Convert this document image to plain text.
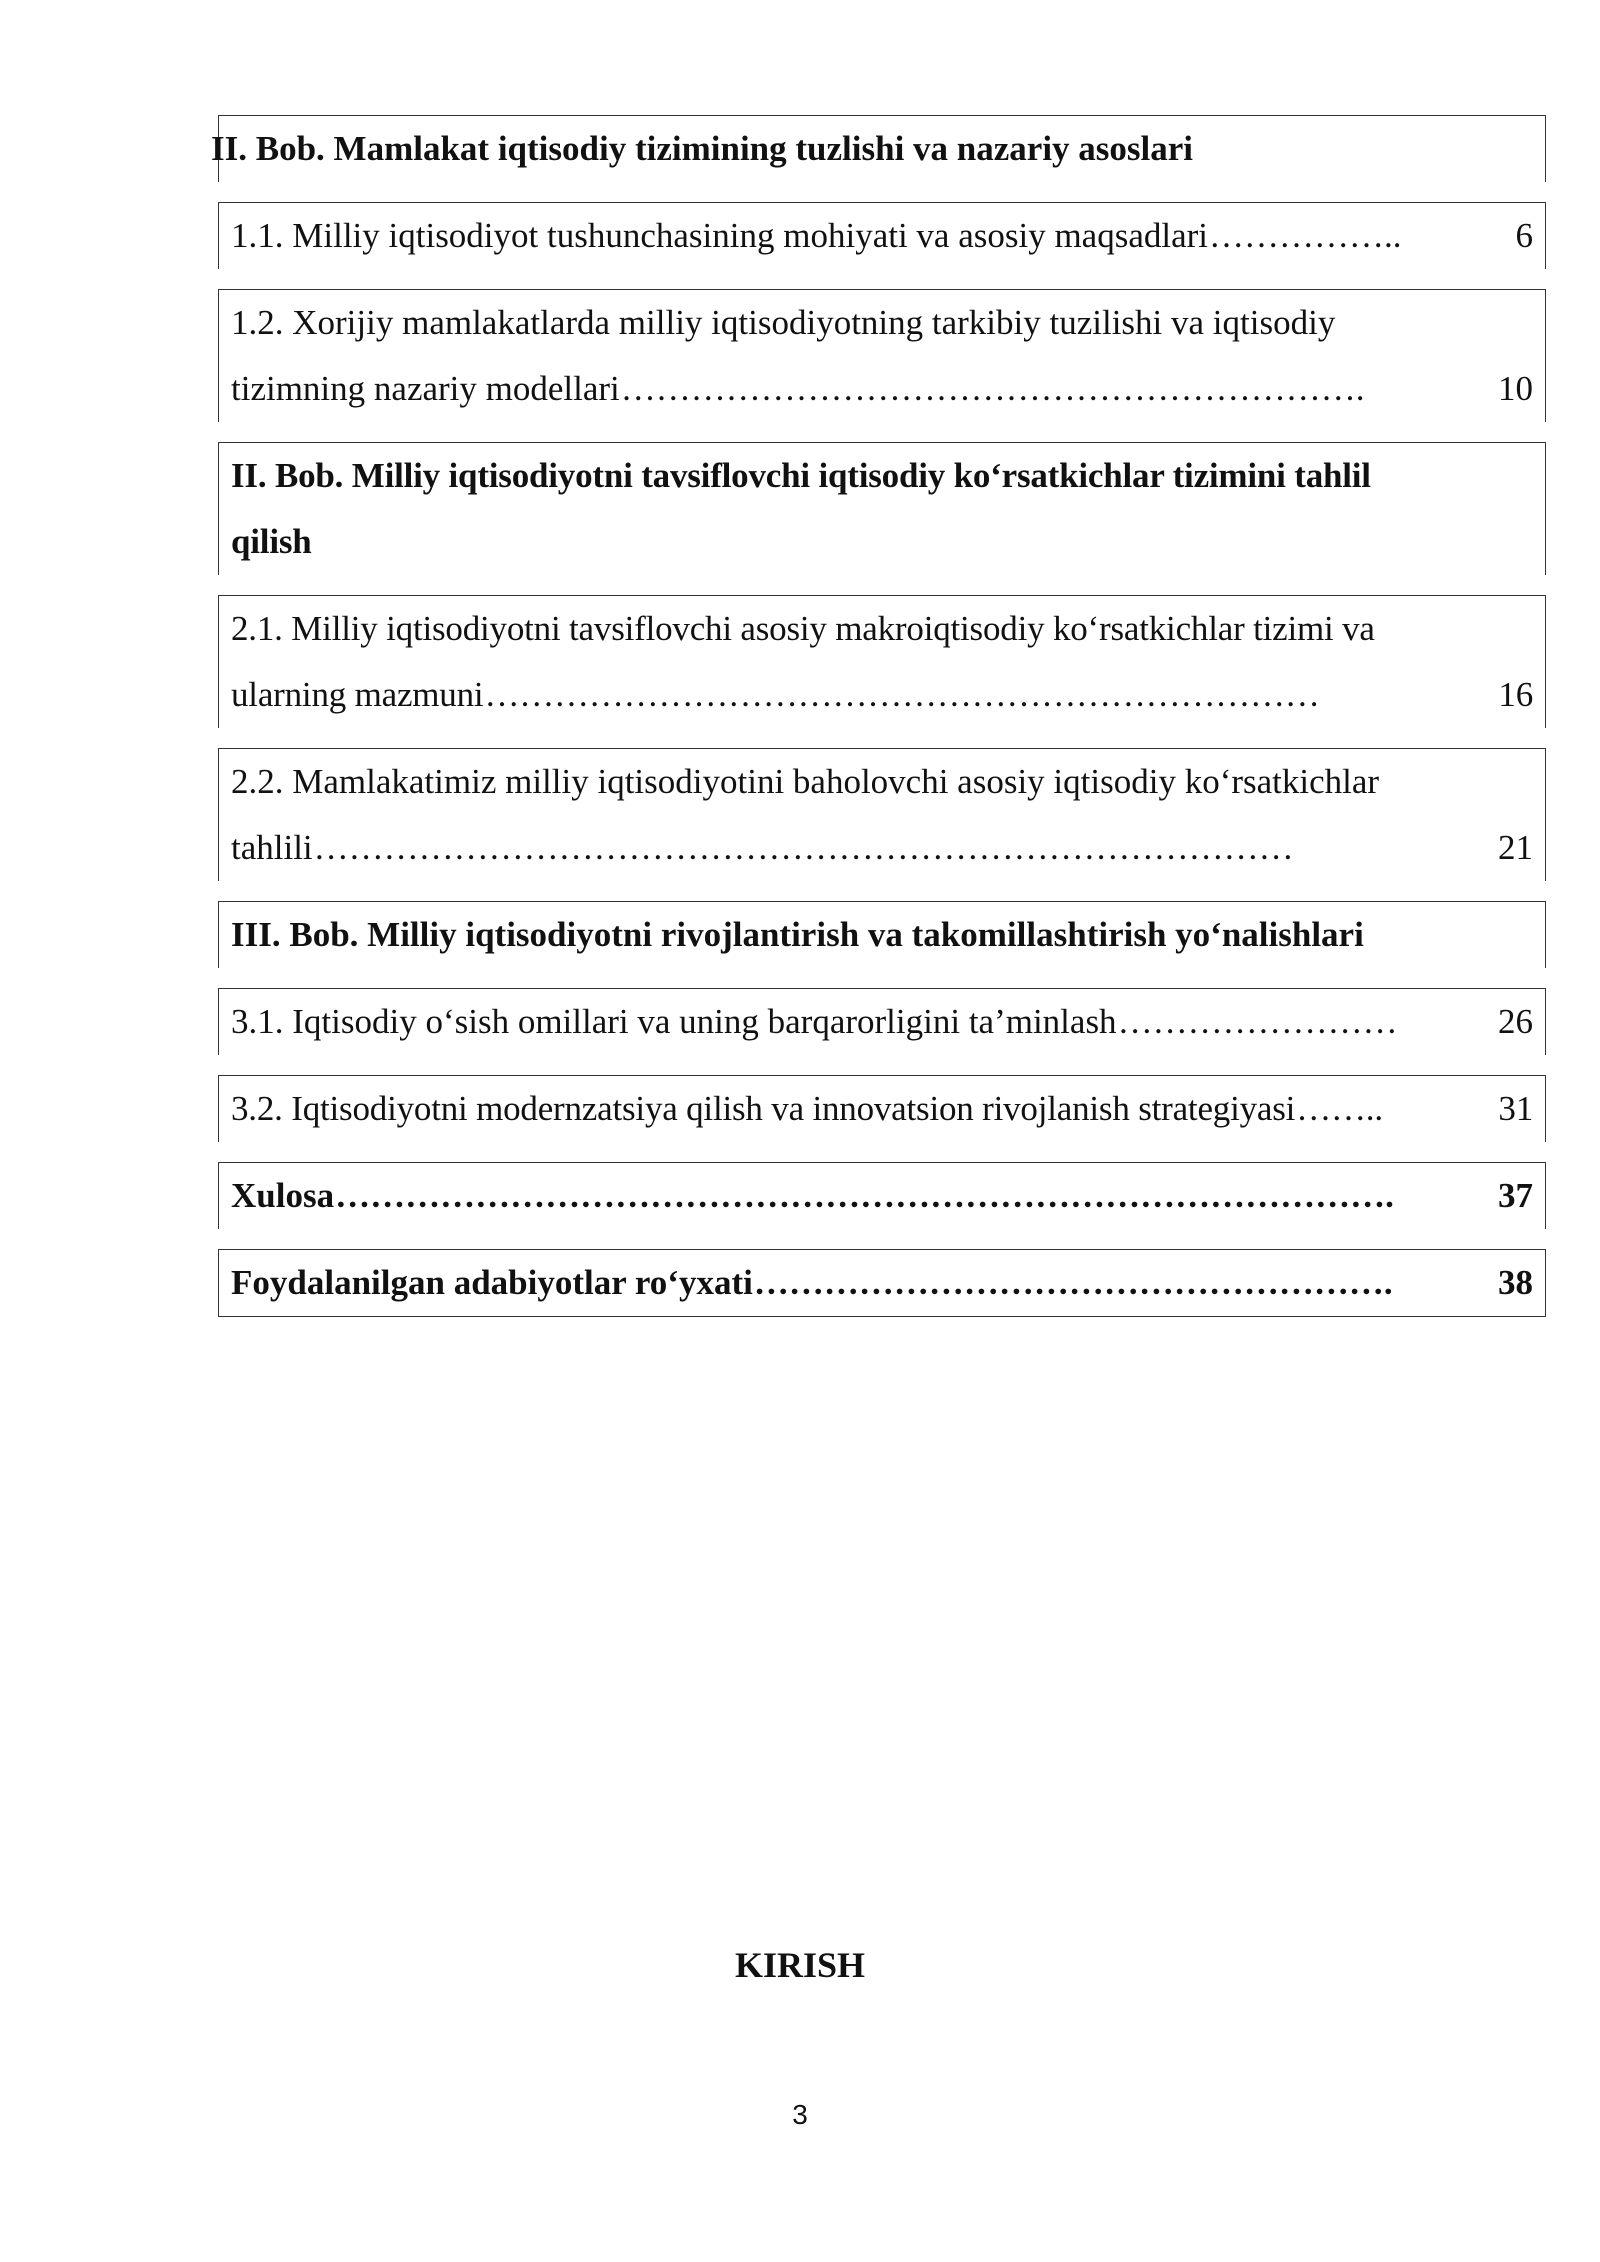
II. Bob. Mamlakat iqtisodiy tizimining tuzlishi va nazariy asoslari
1.1. Milliy iqtisodiyot tushunchasining mohiyati va asosiy maqsadlari ……………..	6
1.2. Xorijiy mamlakatlarda milliy iqtisodiyotning tarkibiy tuzilishi va iqtisodiy
tizimning nazariy modellari ……………………………………………………….	10
II. Bob. Milliy iqtisodiyotni tavsiflovchi iqtisodiy ko‘rsatkichlar tizimini tahlil
qilish
2.1. Milliy iqtisodiyotni tavsiflovchi asosiy makroiqtisodiy ko‘rsatkichlar tizimi va
ularning mazmuni ………………………………………………………………	16
2.2. Mamlakatimiz milliy iqtisodiyotini baholovchi asosiy iqtisodiy ko‘rsatkichlar
tahlili …………………………………………………………………………	21
III. Bob. Milliy iqtisodiyotni rivojlantirish va takomillashtirish yo‘nalishlari
3.1. Iqtisodiy o‘sish omillari va uning barqarorligini ta’minlash ……………………	26
3.2. Iqtisodiyotni modernzatsiya qilish va innovatsion rivojlanish strategiyasi ……..	31
Xulosa ……………………………………………………………………………….	37
Foydalanilgan adabiyotlar ro‘yxati ……………………………………………….	38
KIRISH
3
